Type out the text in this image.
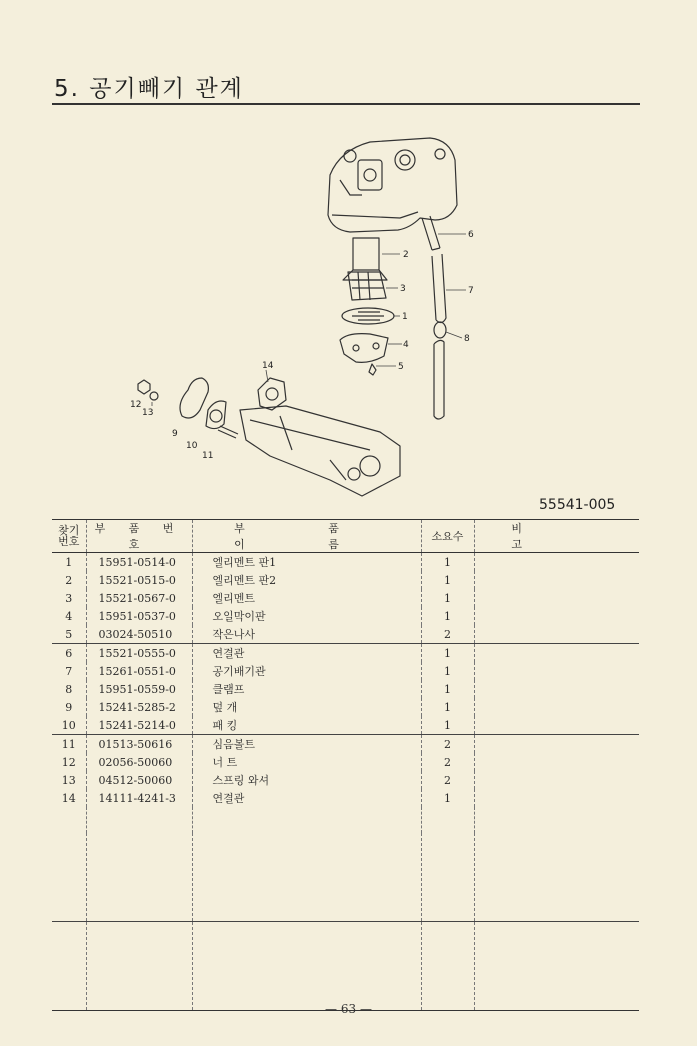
5. 공기빼기 관계
2
3
1
4
5
6
7
8
9
10
11
12
13
14
55541-005
찾기
번호	부 품 번 호	부 품 이 름	소요수	비 고
1	15951-0514-0	엘리멘트 판1	1	
2	15521-0515-0	엘리멘트 판2	1	
3	15521-0567-0	엘리멘트	1	
4	15951-0537-0	오일막이판	1	
5	03024-50510	작은나사	2	
6	15521-0555-0	연결관	1	
7	15261-0551-0	공기배기관	1	
8	15951-0559-0	클램프	1	
9	15241-5285-2	덮 개	1	
10	15241-5214-0	패 킹	1	
11	01513-50616	심음볼트	2	
12	02056-50060	너 트	2	
13	04512-50060	스프링 와셔	2	
14	14111-4241-3	연결관	1	

— 63 —
